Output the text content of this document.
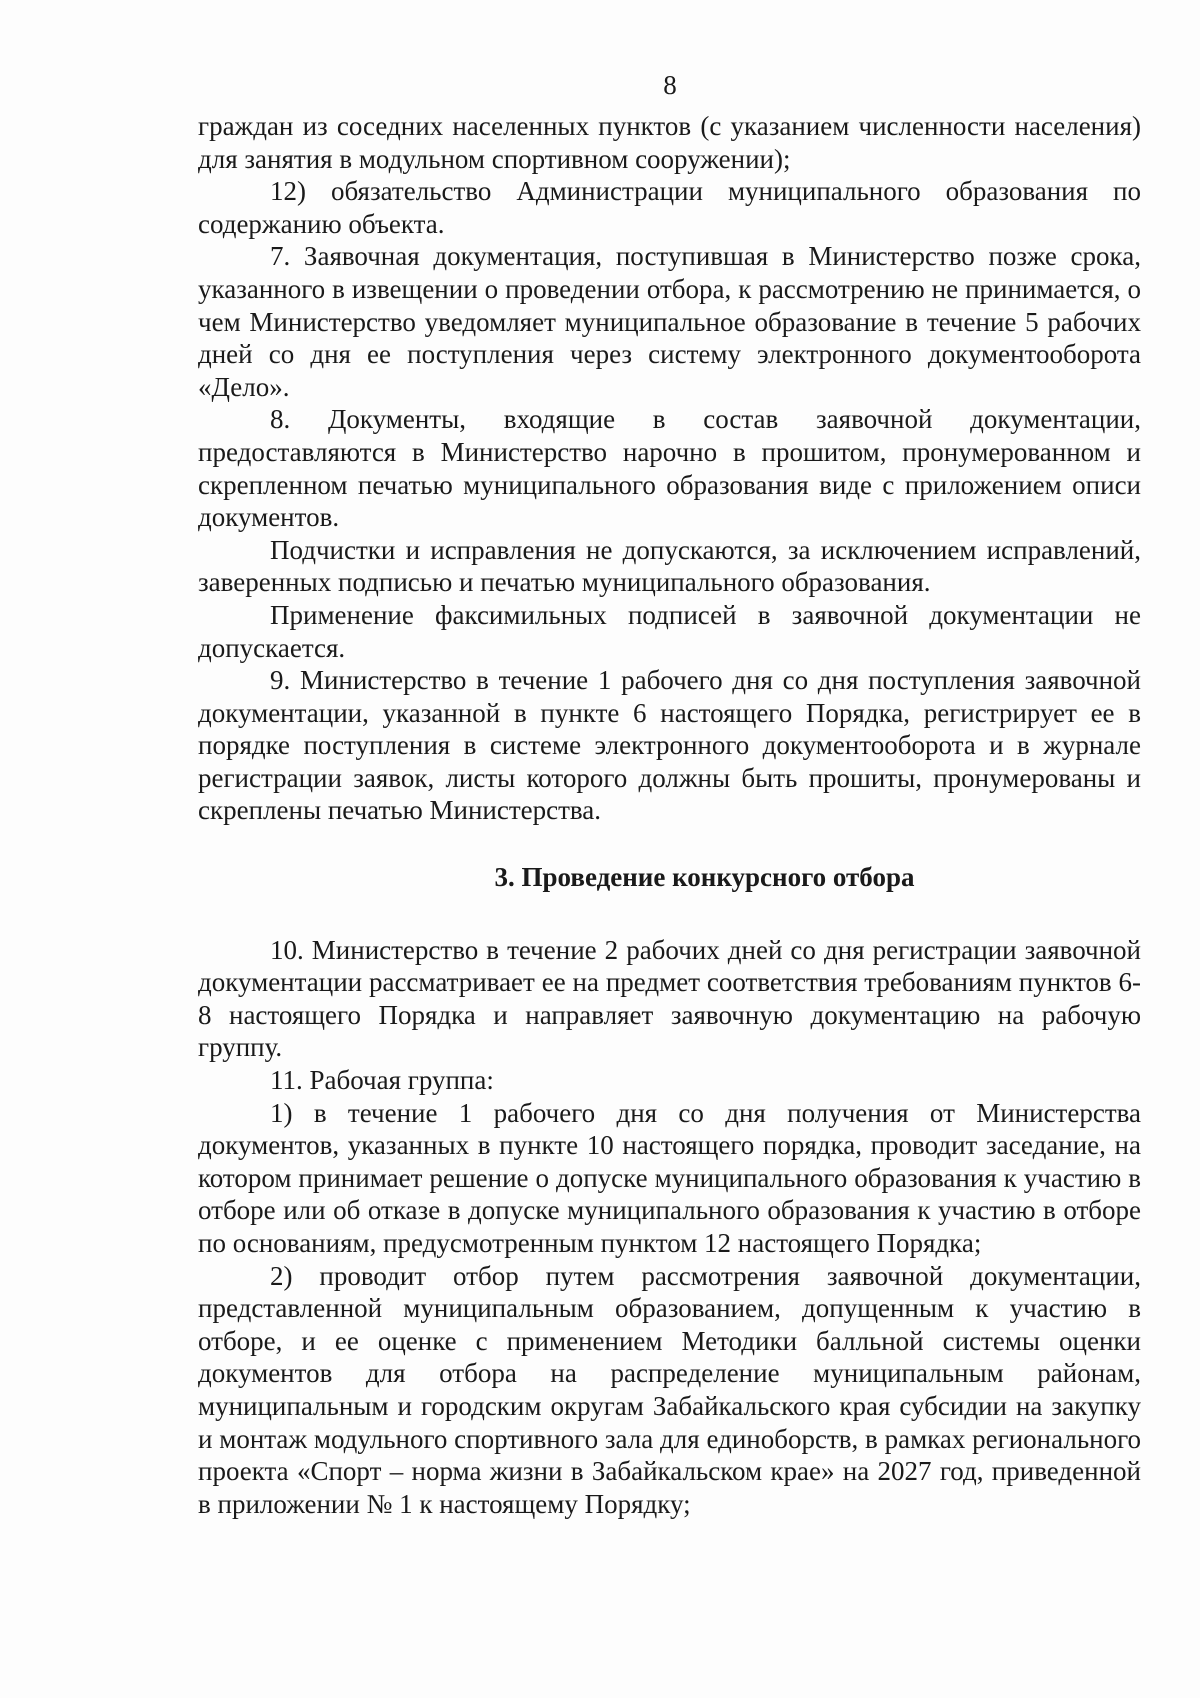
8

граждан из соседних населенных пунктов (с указанием численности населения) для занятия в модульном спортивном сооружении);

12) обязательство Администрации муниципального образования по содержанию объекта.

7. Заявочная документация, поступившая в Министерство позже срока, указанного в извещении о проведении отбора, к рассмотрению не принимается, о чем Министерство уведомляет муниципальное образование в течение 5 рабочих дней со дня ее поступления через систему электронного документооборота «Дело».

8. Документы, входящие в состав заявочной документации, предоставляются в Министерство нарочно в прошитом, пронумерованном и скрепленном печатью муниципального образования виде с приложением описи документов.

Подчистки и исправления не допускаются, за исключением исправлений, заверенных подписью и печатью муниципального образования.

Применение факсимильных подписей в заявочной документации не допускается.

9. Министерство в течение 1 рабочего дня со дня поступления заявочной документации, указанной в пункте 6 настоящего Порядка, регистрирует ее в порядке поступления в системе электронного документооборота и в журнале регистрации заявок, листы которого должны быть прошиты, пронумерованы и скреплены печатью Министерства.

3. Проведение конкурсного отбора

10. Министерство в течение 2 рабочих дней со дня регистрации заявочной документации рассматривает ее на предмет соответствия требованиям пунктов 6-8 настоящего Порядка и направляет заявочную документацию на рабочую группу.

11. Рабочая группа:

1) в течение 1 рабочего дня со дня получения от Министерства документов, указанных в пункте 10 настоящего порядка, проводит заседание, на котором принимает решение о допуске муниципального образования к участию в отборе или об отказе в допуске муниципального образования к участию в отборе по основаниям, предусмотренным пунктом 12 настоящего Порядка;

2) проводит отбор путем рассмотрения заявочной документации, представленной муниципальным образованием, допущенным к участию в отборе, и ее оценке с применением Методики балльной системы оценки документов для отбора на распределение муниципальным районам, муниципальным и городским округам Забайкальского края субсидии на закупку и монтаж модульного спортивного зала для единоборств, в рамках регионального проекта «Спорт – норма жизни в Забайкальском крае» на 2027 год, приведенной в приложении № 1 к настоящему Порядку;
